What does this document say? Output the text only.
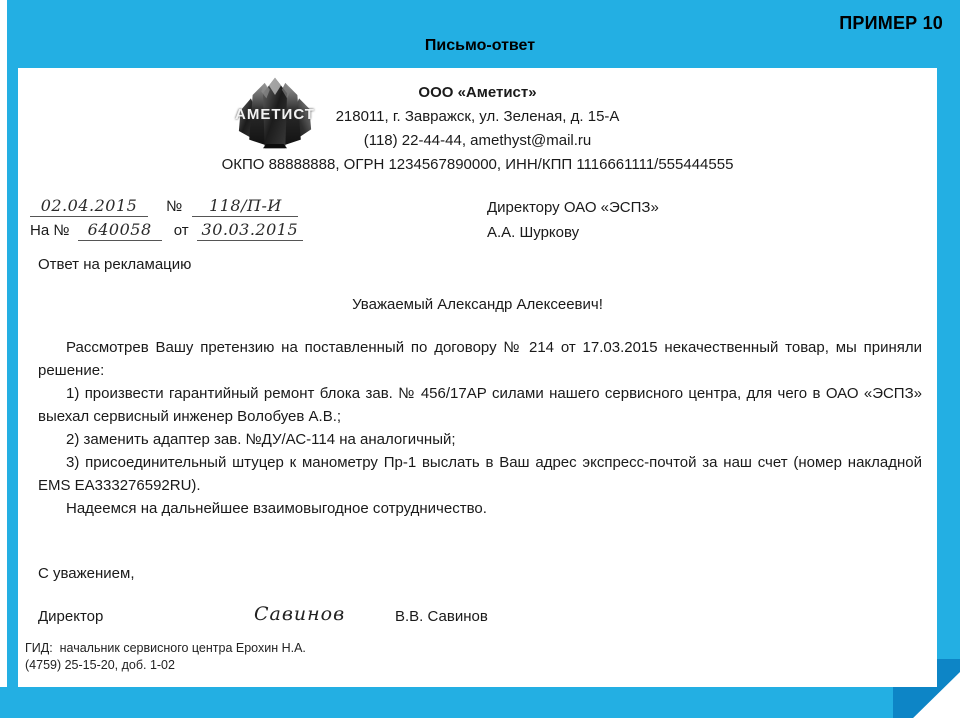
ПРИМЕР 10
Письмо-ответ
АМЕТИСТ
ООО «Аметист»
218011, г. Завражск, ул. Зеленая, д. 15-А
(118) 22-44-44, amethyst@mail.ru
ОКПО 88888888, ОГРН 1234567890000, ИНН/КПП 1116661111/555444555
02.04.2015 № 118/П-И
На № 640058 от 30.03.2015
Директору ОАО «ЭСПЗ»
А.А. Шуркову
Ответ на рекламацию
Уважаемый Александр Алексеевич!

Рассмотрев Вашу претензию на поставленный по договору № 214 от 17.03.2015 некачественный товар, мы приняли решение:

1) произвести гарантийный ремонт блока зав. № 456/17АР силами нашего сервисного центра, для чего в ОАО «ЭСПЗ» выехал сервисный инженер Волобуев А.В.;

2) заменить адаптер зав. №ДУ/АС-114 на аналогичный;

3) присоединительный штуцер к манометру Пр-1 выслать в Ваш адрес экспресс-почтой за наш счет (номер накладной EMS EA333276592RU).

Надеемся на дальнейшее взаимовыгодное сотрудничество.

С уважением,
Директор	Савинов	В.В. Савинов
ГИД:  начальник сервисного центра Ерохин Н.А.
(4759) 25-15-20, доб. 1-02
